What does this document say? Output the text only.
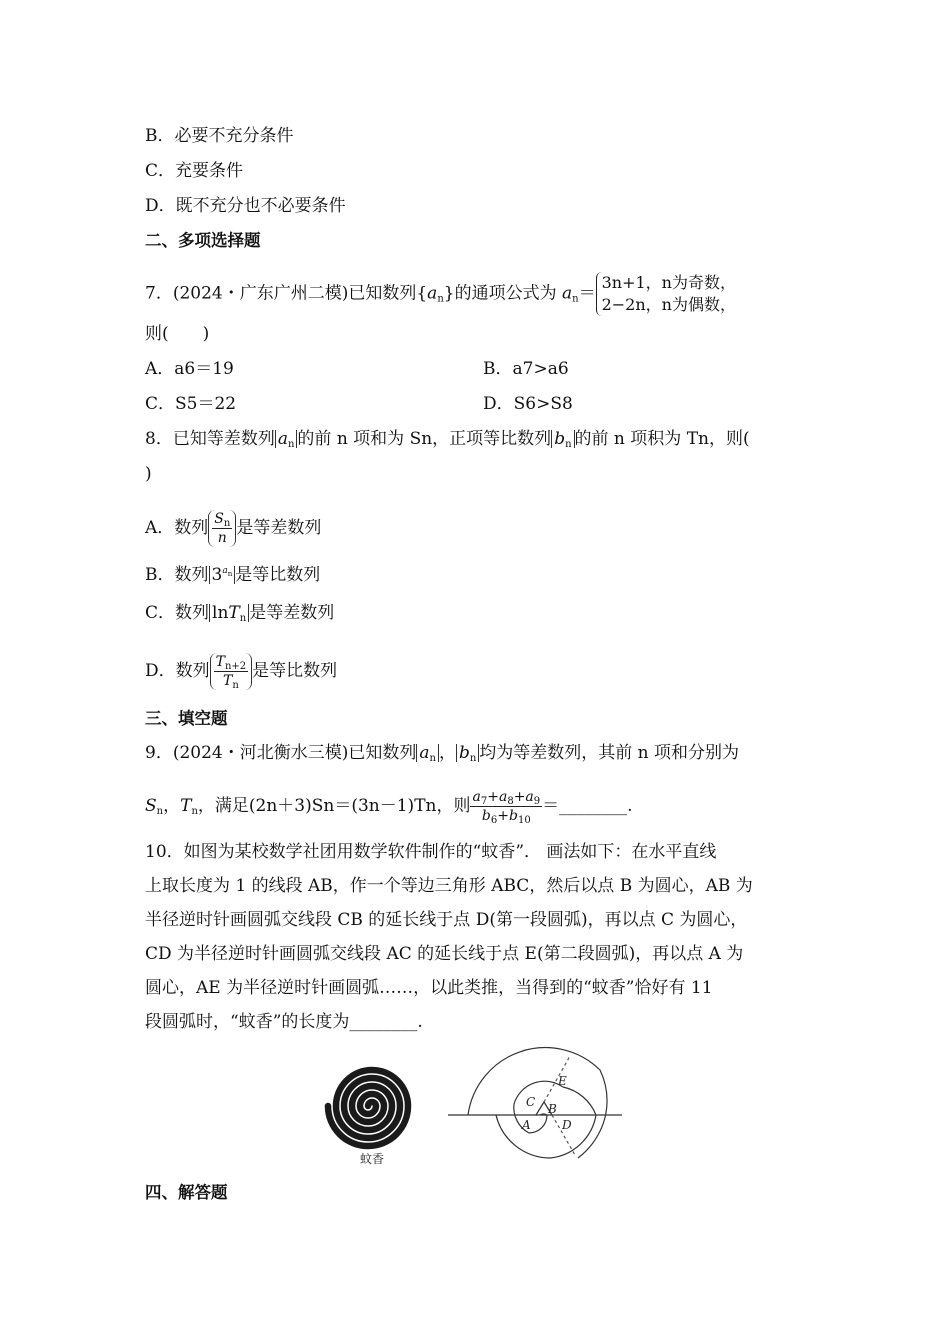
B．必要不充分条件
C．充要条件
D．既不充分也不必要条件
二、多项选择题
7．(2024・广东广州二模)已知数列$\{a_n\}$的通项公式为 $a_n=$
3n+1，n为奇数，
2−2n，n为偶数，
则(　　)
A．a6＝19	B．a7>a6
C．S5＝22	D．S6>S8
8．已知等差数列 $a_n$ 的前 n 项和为 Sn，正项等比数列 $b_n$ 的前 n 项积为 Tn，则(
)
A．数列 $\frac{S_n}{n}$ 是等差数列
B．数列 $3^{a_n}$ 是等比数列
C．数列 lnT$_n$ 是等差数列
D．数列 $\frac{T_{n+2}}{T_n}$ 是等比数列
三、填空题
9．(2024・河北衡水三模)已知数列 $a_n$ ， $b_n$ 均为等差数列，其前 n 项和分别为
$S_n$，$T_n$，满足(2n＋3)Sn＝(3n－1)Tn，则 $\frac{a_7+a_8+a_9}{b_6+b_{10}}$ ＝________.
10．如图为某校数学社团用数学软件制作的“蚊香”． 画法如下：在水平直线
上取长度为 1 的线段 AB，作一个等边三角形 ABC，然后以点 B 为圆心，AB 为
半径逆时针画圆弧交线段 CB 的延长线于点 D(第一段圆弧)，再以点 C 为圆心，
CD 为半径逆时针画圆弧交线段 AC 的延长线于点 E(第二段圆弧)，再以点 A 为
圆心，AE 为半径逆时针画圆弧……，以此类推，当得到的“蚊香”恰好有 11
段圆弧时，“蚊香”的长度为________.
蚊香
C B
A	D
E
四、解答题
